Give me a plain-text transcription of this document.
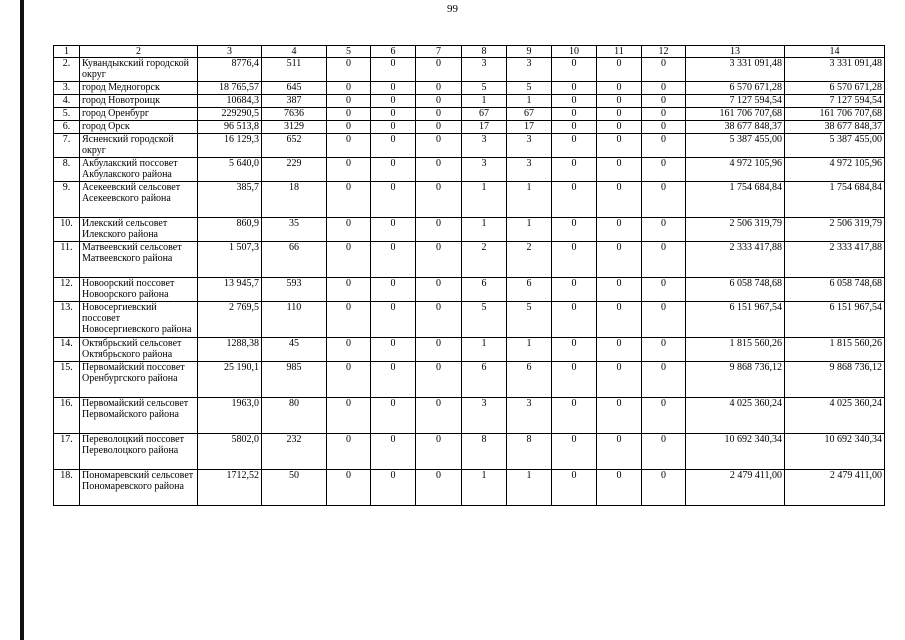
99
1	2	3	4	5	6	7	8	9	10	11	12	13	14
2.	Кувандыкский городской округ	8776,4	511	0	0	0	3	3	0	0	0	3 331 091,48	3 331 091,48
3.	город Медногорск	18 765,57	645	0	0	0	5	5	0	0	0	6 570 671,28	6 570 671,28
4.	город Новотроицк	10684,3	387	0	0	0	1	1	0	0	0	7 127 594,54	7 127 594,54
5.	город Оренбург	229290,5	7636	0	0	0	67	67	0	0	0	161 706 707,68	161 706 707,68
6.	город Орск	96 513,8	3129	0	0	0	17	17	0	0	0	38 677 848,37	38 677 848,37
7.	Ясненский городской округ	16 129,3	652	0	0	0	3	3	0	0	0	5 387 455,00	5 387 455,00
8.	Акбулакский поссовет Акбулакского района	5 640,0	229	0	0	0	3	3	0	0	0	4 972 105,96	4 972 105,96
9.	Асекеевский сельсовет Асекеевского района	385,7	18	0	0	0	1	1	0	0	0	1 754 684,84	1 754 684,84
10.	Илекский сельсовет Илекского района	860,9	35	0	0	0	1	1	0	0	0	2 506 319,79	2 506 319,79
11.	Матвеевский сельсовет Матвеевского района	1 507,3	66	0	0	0	2	2	0	0	0	2 333 417,88	2 333 417,88
12.	Новоорский поссовет Новоорского района	13 945,7	593	0	0	0	6	6	0	0	0	6 058 748,68	6 058 748,68
13.	Новосергиевский поссовет Новосергиевского района	2 769,5	110	0	0	0	5	5	0	0	0	6 151 967,54	6 151 967,54
14.	Октябрьский сельсовет Октябрьского района	1288,38	45	0	0	0	1	1	0	0	0	1 815 560,26	1 815 560,26
15.	Первомайский поссовет Оренбургского района	25 190,1	985	0	0	0	6	6	0	0	0	9 868 736,12	9 868 736,12
16.	Первомайский сельсовет Первомайского района	1963,0	80	0	0	0	3	3	0	0	0	4 025 360,24	4 025 360,24
17.	Переволоцкий поссовет Переволоцкого района	5802,0	232	0	0	0	8	8	0	0	0	10 692 340,34	10 692 340,34
18.	Пономаревский сельсовет Пономаревского района	1712,52	50	0	0	0	1	1	0	0	0	2 479 411,00	2 479 411,00
